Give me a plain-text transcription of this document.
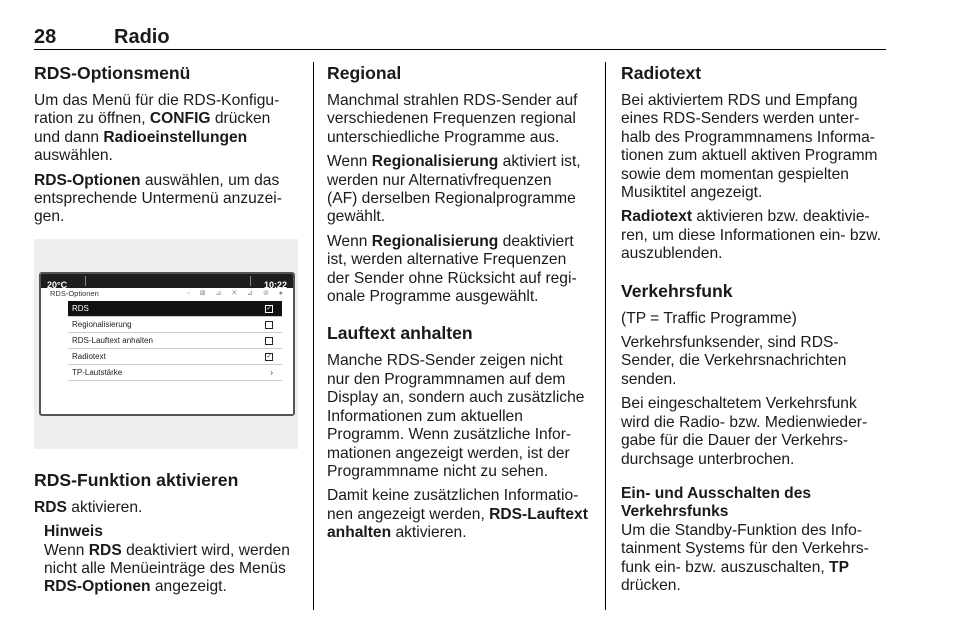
28	Radio
RDS-Optionsmenü

Um das Menü für die RDS-Konfigu-
ration zu öffnen, CONFIG drücken
und dann Radioeinstellungen
auswählen.

RDS-Optionen auswählen, um das
entsprechende Untermenü anzuzei-
gen.

20°C	10:22
RDS-Optionen	◦ ⊠ ⊿ ✕ ⊿ ⊘ ●
RDS	✓
Regionalisierung
RDS-Lauftext anhalten
Radiotext	✓
TP-Lautstärke	›
RDS-Funktion aktivieren

RDS aktivieren.

Hinweis
Wenn RDS deaktiviert wird, werden
nicht alle Menüeinträge des Menüs
RDS-Optionen angezeigt.
Regional

Manchmal strahlen RDS-Sender auf
verschiedenen Frequenzen regional
unterschiedliche Programme aus.

Wenn Regionalisierung aktiviert ist,
werden nur Alternativfrequenzen
(AF) derselben Regionalprogramme
gewählt.

Wenn Regionalisierung deaktiviert
ist, werden alternative Frequenzen
der Sender ohne Rücksicht auf regi-
onale Programme ausgewählt.

Lauftext anhalten

Manche RDS-Sender zeigen nicht
nur den Programmnamen auf dem
Display an, sondern auch zusätzliche
Informationen zum aktuellen
Programm. Wenn zusätzliche Infor-
mationen angezeigt werden, ist der
Programmname nicht zu sehen.

Damit keine zusätzlichen Informatio-
nen angezeigt werden, RDS-Lauftext
anhalten aktivieren.

Radiotext

Bei aktiviertem RDS und Empfang
eines RDS-Senders werden unter-
halb des Programmnamens Informa-
tionen zum aktuell aktiven Programm
sowie dem momentan gespielten
Musiktitel angezeigt.

Radiotext aktivieren bzw. deaktivie-
ren, um diese Informationen ein- bzw.
auszublenden.

Verkehrsfunk

(TP = Traffic Programme)

Verkehrsfunksender, sind RDS-
Sender, die Verkehrsnachrichten
senden.

Bei eingeschaltetem Verkehrsfunk
wird die Radio- bzw. Medienwieder-
gabe für die Dauer der Verkehrs-
durchsage unterbrochen.

Ein- und Ausschalten des
Verkehrsfunks

Um die Standby-Funktion des Info-
tainment Systems für den Verkehrs-
funk ein- bzw. auszuschalten, TP
drücken.
